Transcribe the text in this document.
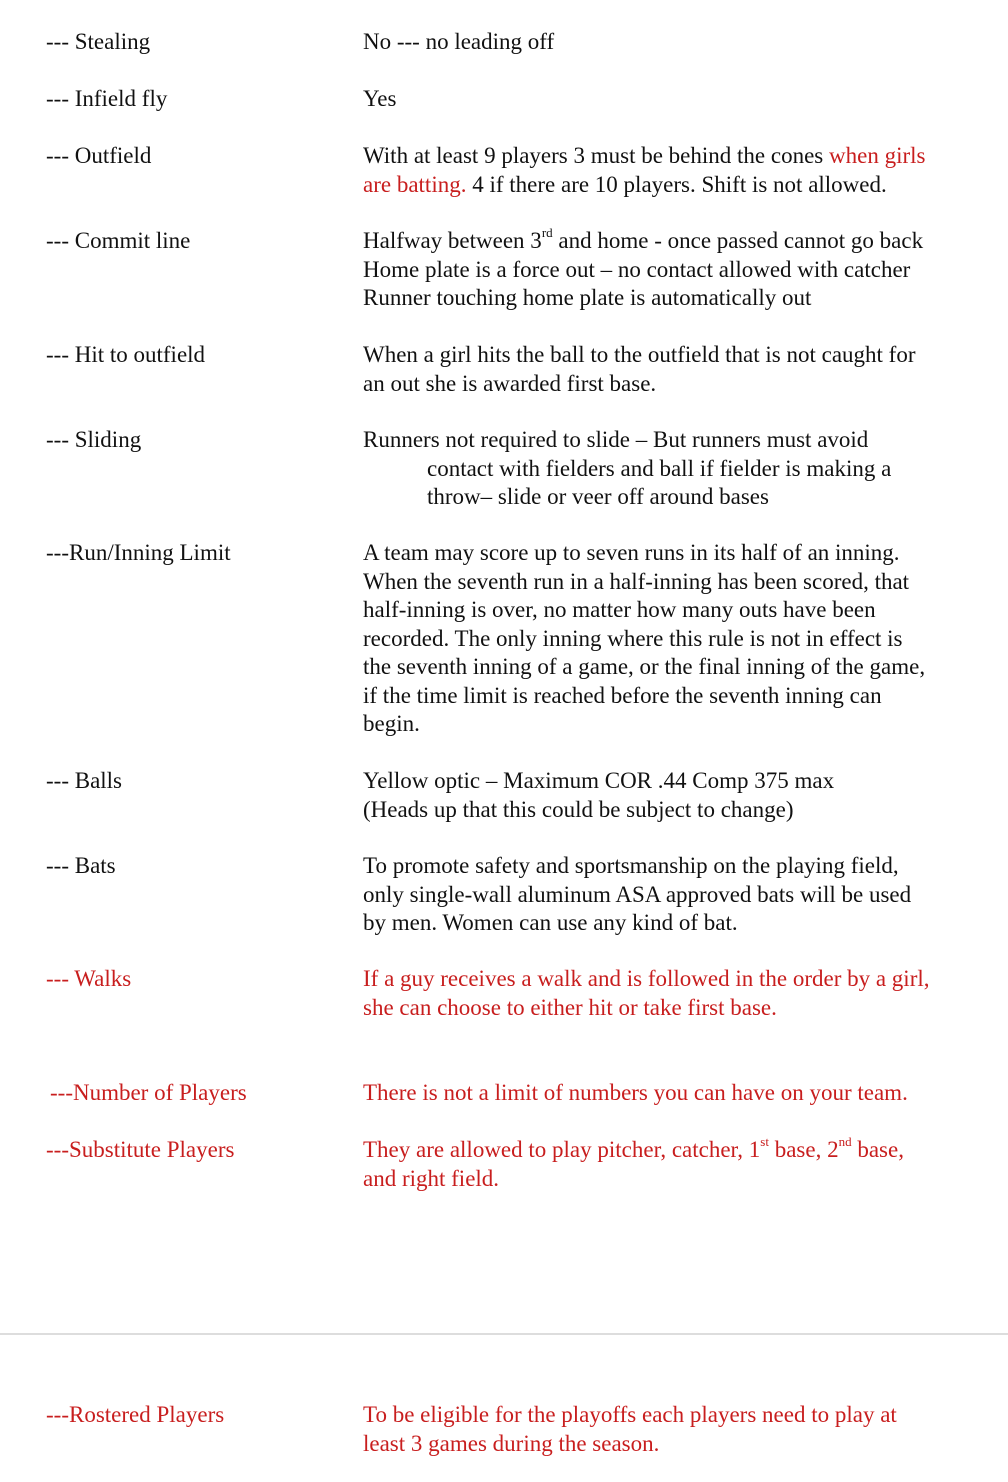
--- Stealing	No --- no leading off
--- Infield fly	Yes
--- Outfield	With at least 9 players 3 must be behind the cones when girls
are batting. 4 if there are 10 players. Shift is not allowed.
--- Commit line	Halfway between 3rd and home - once passed cannot go back
Home plate is a force out – no contact allowed with catcher
Runner touching home plate is automatically out
--- Hit to outfield	When a girl hits the ball to the outfield that is not caught for
an out she is awarded first base.
--- Sliding	Runners not required to slide – But runners must avoid
contact with fielders and ball if fielder is making a
throw– slide or veer off around bases
---Run/Inning Limit	A team may score up to seven runs in its half of an inning.
When the seventh run in a half-inning has been scored, that
half-inning is over, no matter how many outs have been
recorded. The only inning where this rule is not in effect is
the seventh inning of a game, or the final inning of the game,
if the time limit is reached before the seventh inning can
begin.
--- Balls	Yellow optic – Maximum COR .44 Comp 375 max
(Heads up that this could be subject to change)
--- Bats	To promote safety and sportsmanship on the playing field,
only single-wall aluminum ASA approved bats will be used
by men. Women can use any kind of bat.
--- Walks	If a guy receives a walk and is followed in the order by a girl,
she can choose to either hit or take first base.
---Number of Players	There is not a limit of numbers you can have on your team.
---Substitute Players	They are allowed to play pitcher, catcher, 1st base, 2nd base,
and right field.
---Rostered Players	To be eligible for the playoffs each players need to play at
least 3 games during the season.
